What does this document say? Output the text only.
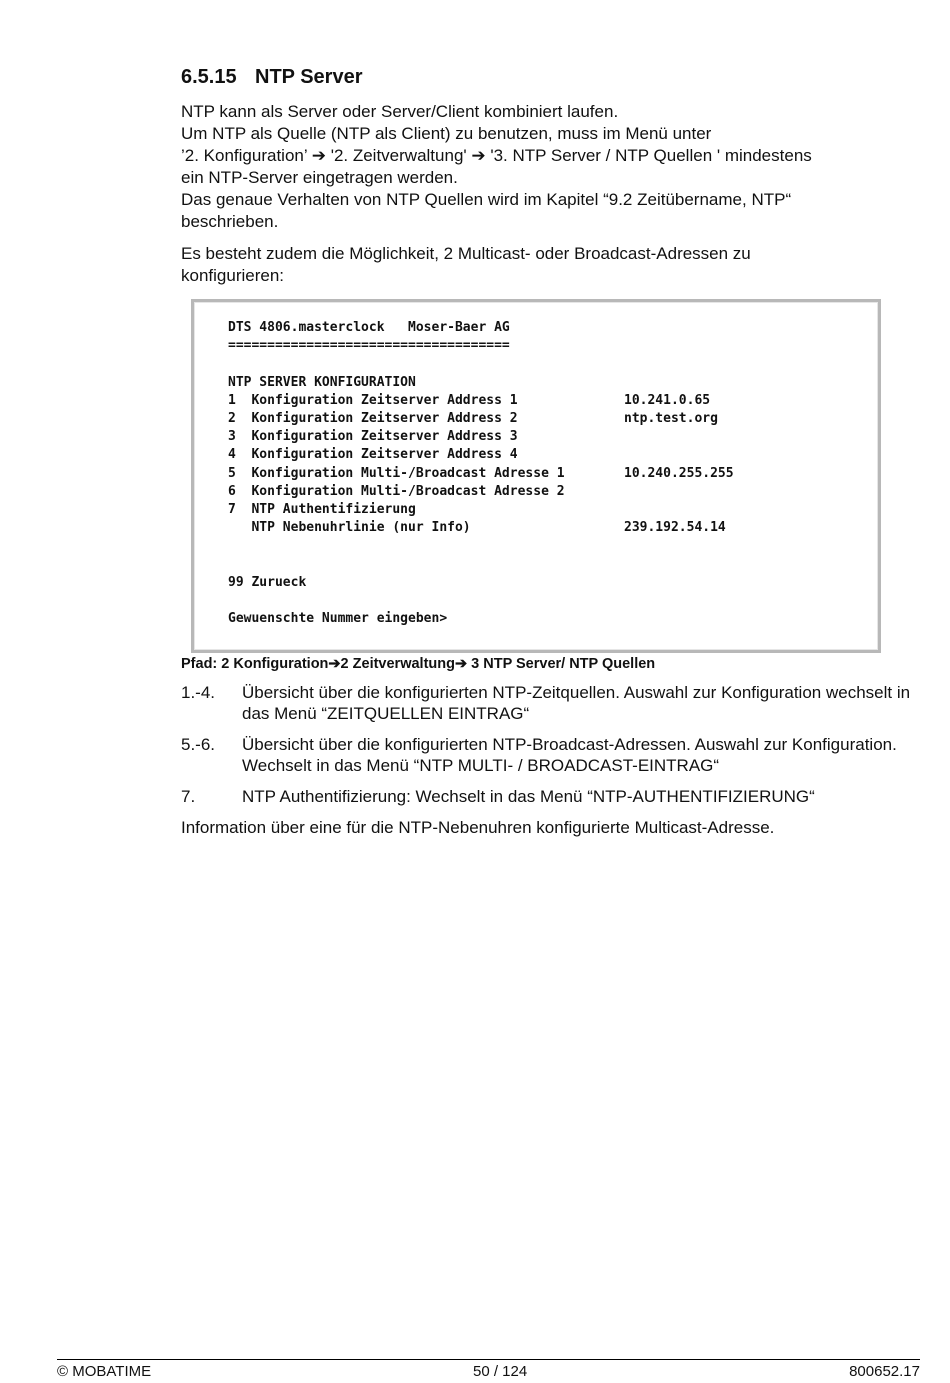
6.5.15 NTP Server

NTP kann als Server oder Server/Client kombiniert laufen.

Um NTP als Quelle (NTP als Client) zu benutzen, muss im Menü unter

’2. Konfiguration’ ➔ '2. Zeitverwaltung' ➔ '3. NTP Server / NTP Quellen ' mindestens

ein NTP-Server eingetragen werden.

Das genaue Verhalten von NTP Quellen wird im Kapitel “9.2 Zeitübername, NTP“

beschrieben.

Es besteht zudem die Möglichkeit, 2 Multicast- oder Broadcast-Adressen zu

konfigurieren:

DTS 4806.masterclock   Moser-Baer AG
====================================

NTP SERVER KONFIGURATION
1  Konfiguration Zeitserver Address 1	10.241.0.65
2  Konfiguration Zeitserver Address 2	ntp.test.org
3  Konfiguration Zeitserver Address 3
4  Konfiguration Zeitserver Address 4
5  Konfiguration Multi-/Broadcast Adresse 1	10.240.255.255
6  Konfiguration Multi-/Broadcast Adresse 2
7  NTP Authentifizierung
NTP Nebenuhrlinie (nur Info)	239.192.54.14

99 Zurueck

Gewuenschte Nummer eingeben>
Pfad: 2 Konfiguration➔2 Zeitverwaltung➔ 3 NTP Server/ NTP Quellen
1.-4.	Übersicht über die konfigurierten NTP-Zeitquellen. Auswahl zur Konfiguration wechselt in das Menü “ZEITQUELLEN EINTRAG“
5.-6.	Übersicht über die konfigurierten NTP-Broadcast-Adressen. Auswahl zur Konfiguration. Wechselt in das Menü “NTP MULTI- / BROADCAST-EINTRAG“
7.	NTP Authentifizierung: Wechselt in das Menü “NTP-AUTHENTIFIZIERUNG“
Information über eine für die NTP-Nebenuhren konfigurierte Multicast-Adresse.
© MOBATIME	50 / 124	800652.17
